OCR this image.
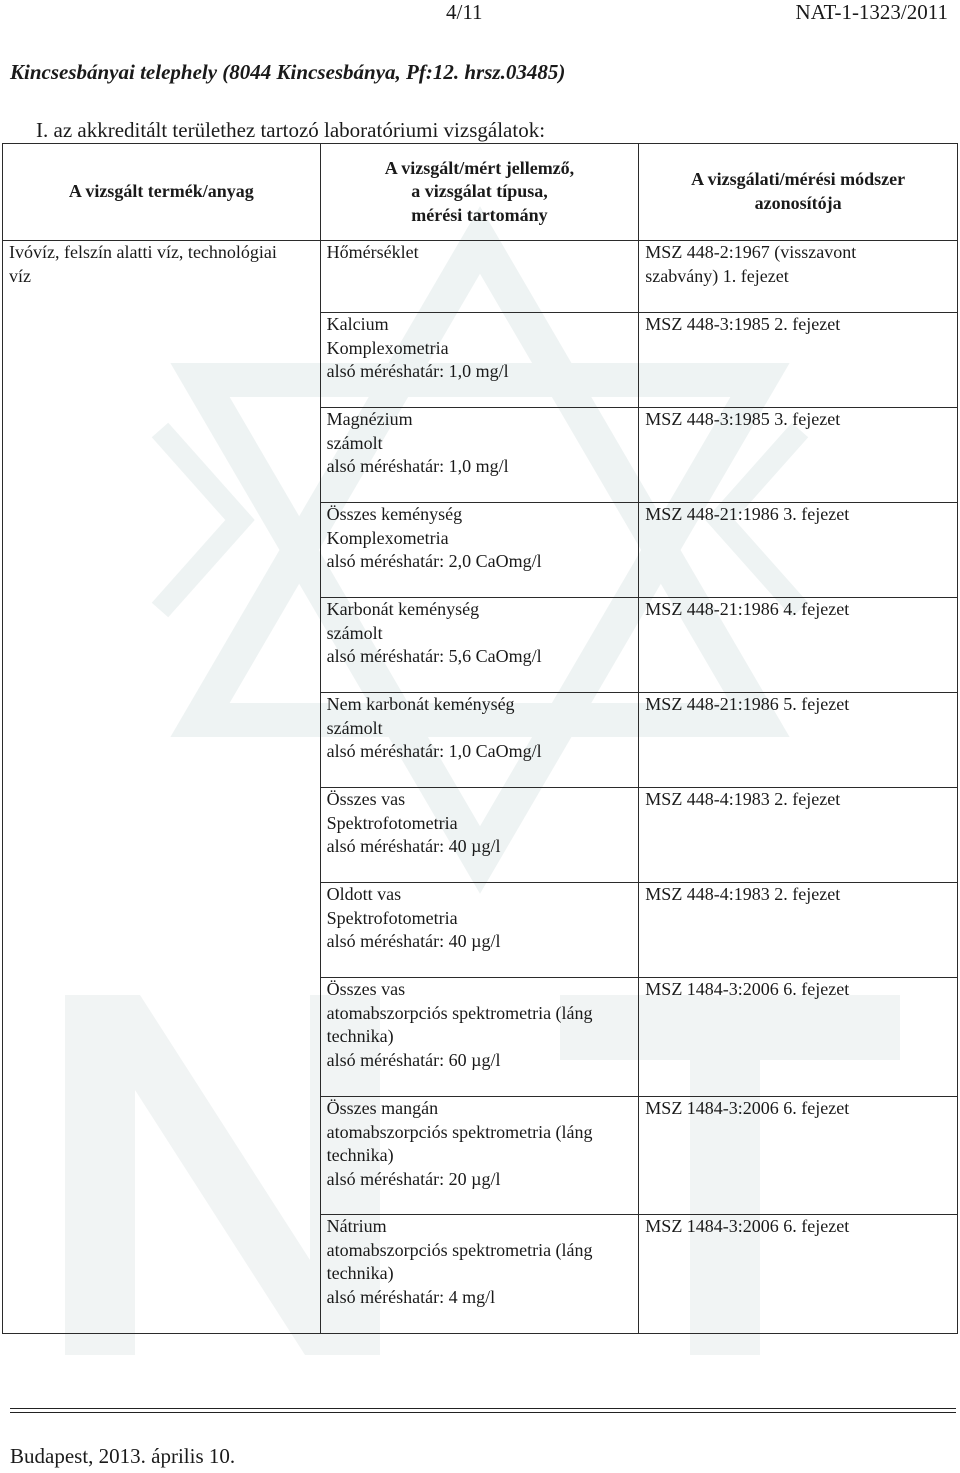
4/11	NAT-1-1323/2011
Kincsesbányai telephely (8044 Kincsesbánya, Pf:12. hrsz.03485)
I. az akkreditált területhez tartozó laboratóriumi vizsgálatok:
A vizsgált termék/anyag	A vizsgált/mért jellemző,
a vizsgálat típusa,
mérési tartomány	A vizsgálati/mérési módszer
azonosítója

Ivóvíz, felszín alatti víz, technológiai
víz	Hőmérséklet	MSZ 448-2:1967 (visszavont
szabvány) 1. fejezet

	Kalcium
Komplexometria
alsó méréshatár: 1,0 mg/l	MSZ 448-3:1985 2. fejezet

	Magnézium
számolt
alsó méréshatár: 1,0 mg/l	MSZ 448-3:1985 3. fejezet

	Összes keménység
Komplexometria
alsó méréshatár: 2,0 CaOmg/l	MSZ 448-21:1986 3. fejezet

	Karbonát keménység
számolt
alsó méréshatár: 5,6 CaOmg/l	MSZ 448-21:1986 4. fejezet

	Nem karbonát keménység
számolt
alsó méréshatár: 1,0 CaOmg/l	MSZ 448-21:1986 5. fejezet

	Összes vas
Spektrofotometria
alsó méréshatár: 40 µg/l	MSZ 448-4:1983 2. fejezet

	Oldott vas
Spektrofotometria
alsó méréshatár: 40 µg/l	MSZ 448-4:1983 2. fejezet

	Összes vas
atomabszorpciós spektrometria (láng
technika)
alsó méréshatár: 60 µg/l	MSZ 1484-3:2006 6. fejezet

	Összes mangán
atomabszorpciós spektrometria (láng
technika)
alsó méréshatár: 20 µg/l	MSZ 1484-3:2006 6. fejezet

	Nátrium
atomabszorpciós spektrometria (láng
technika)
alsó méréshatár: 4 mg/l	MSZ 1484-3:2006 6. fejezet
Budapest, 2013. április 10.
